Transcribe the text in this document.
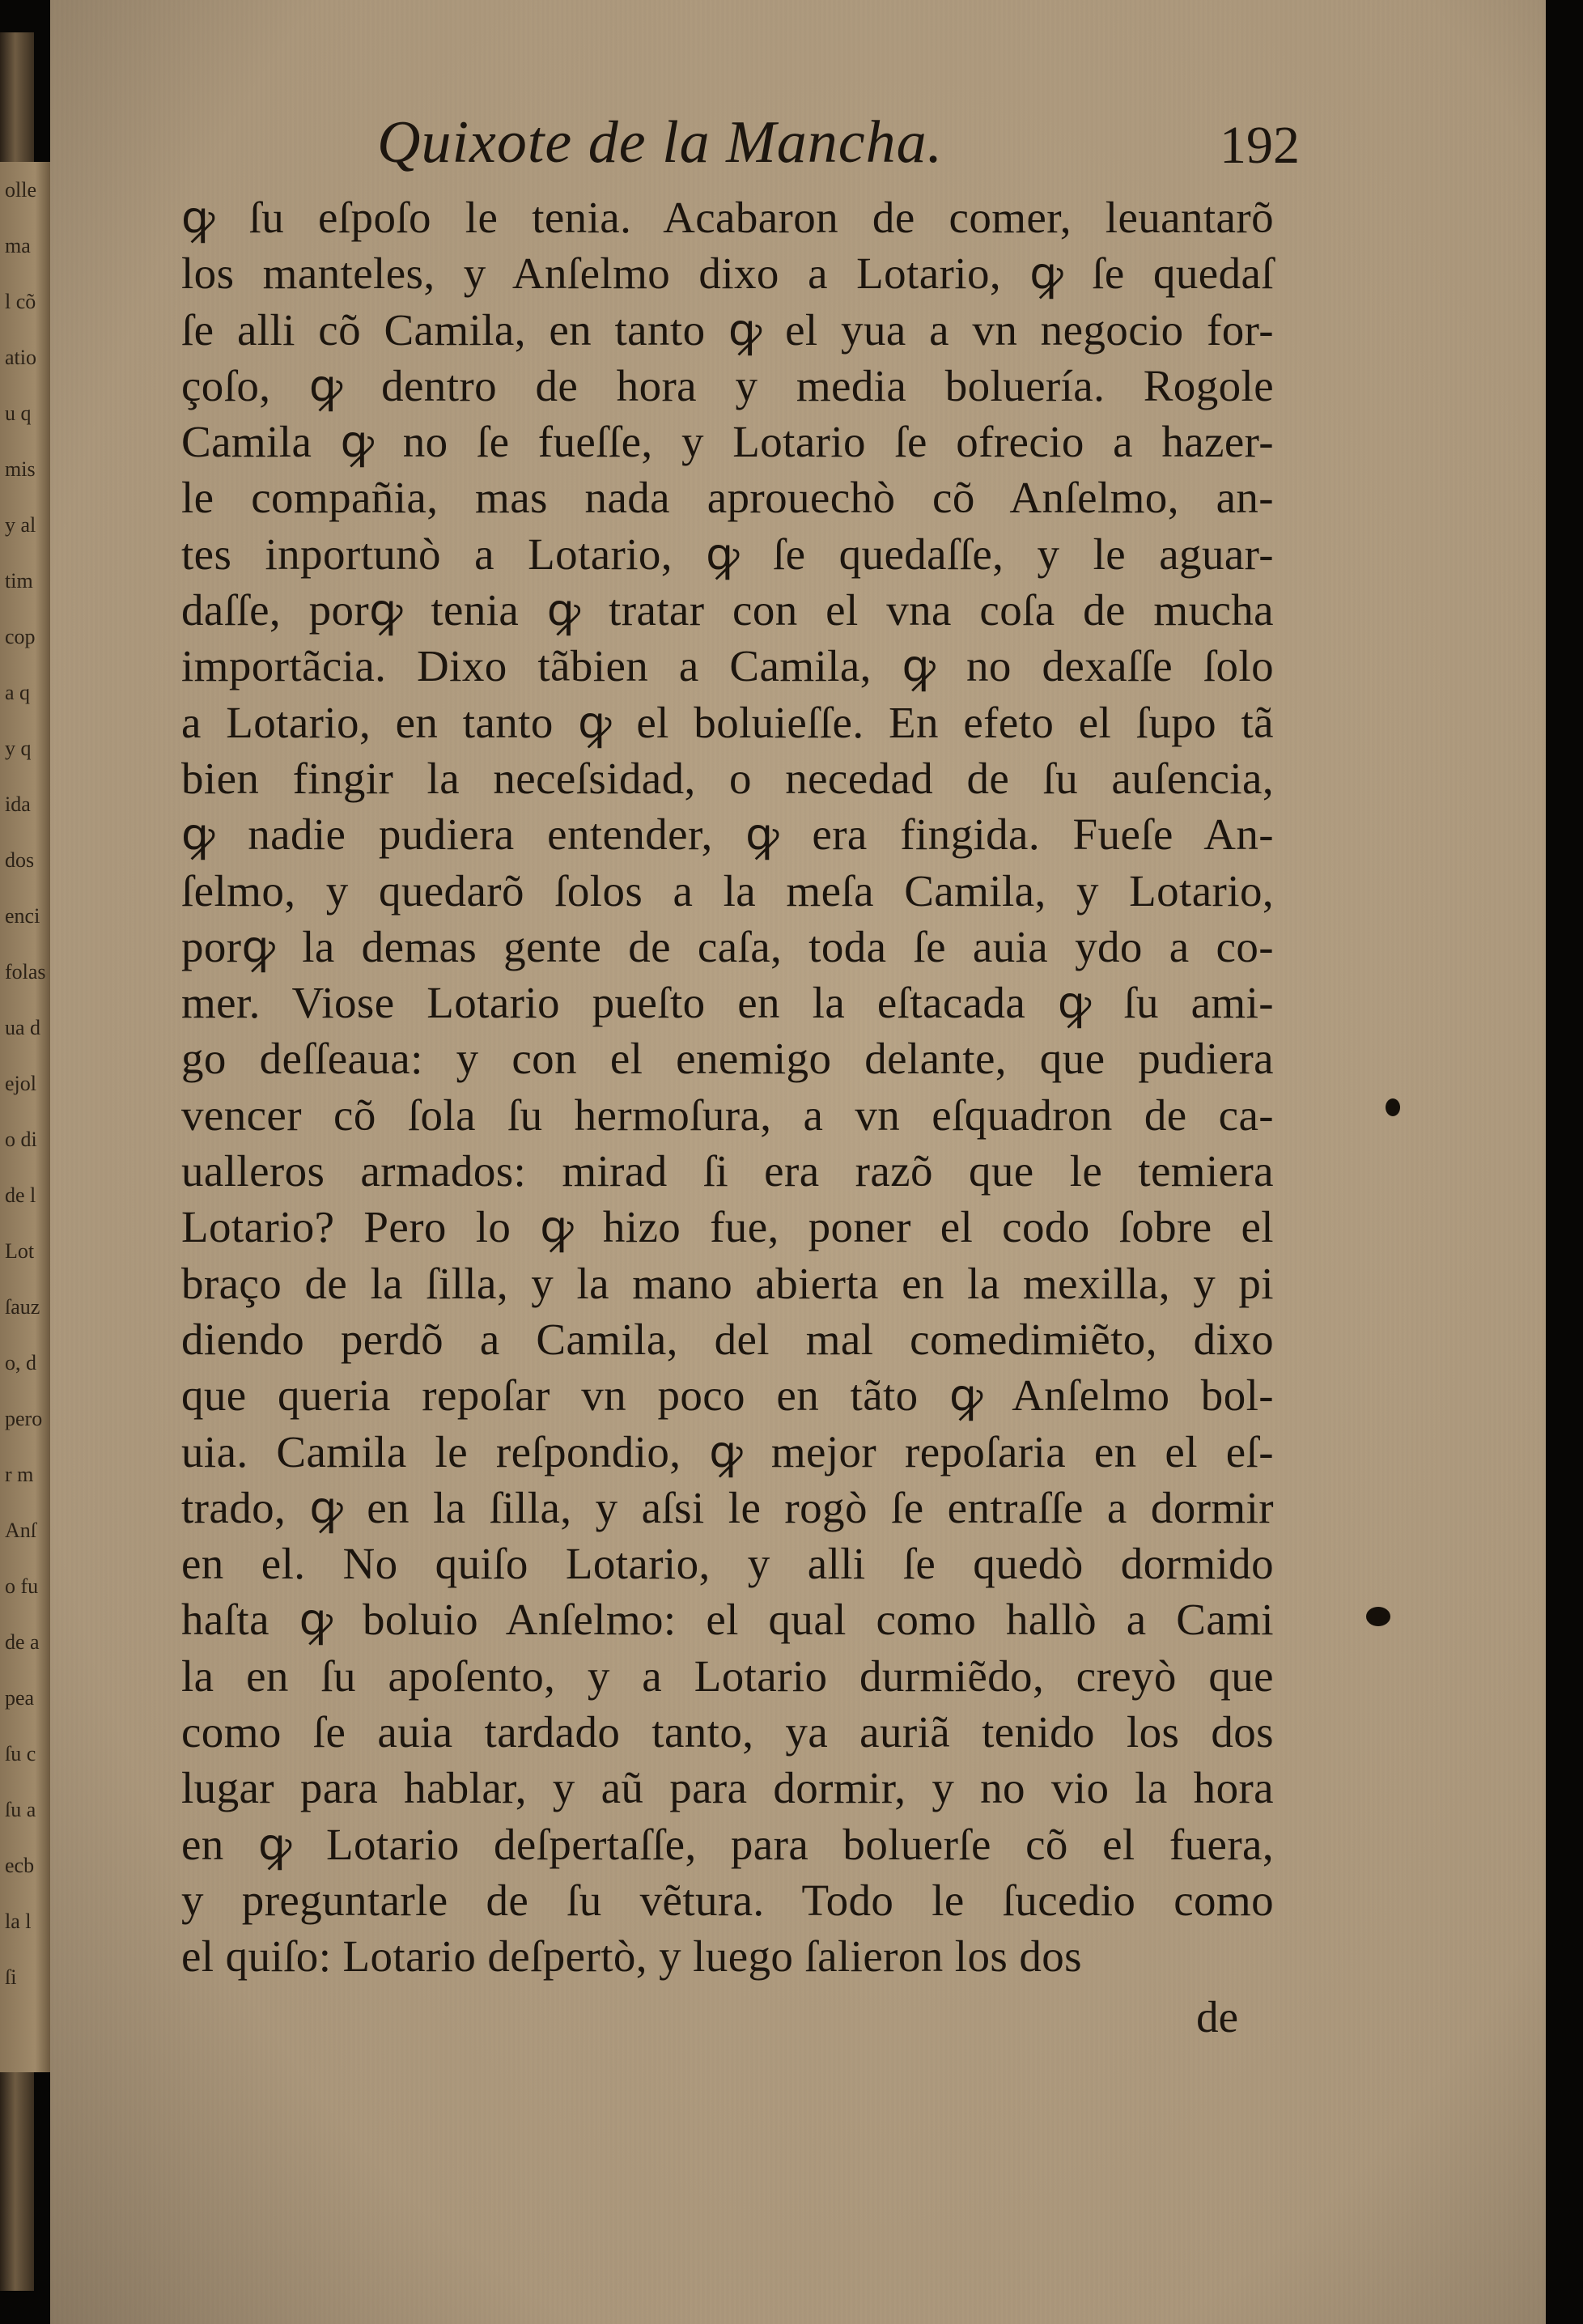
olle
ma
l cõ
atio
u q
mis
y al
tim
cop
a q
y q
ida
dos
enci
folas
ua d
ejol
o di
de l
Lot
ſauz
o, d
pero
r m
Anſ
o fu
de a
pea
ſu c
ſu a
ecb
la l
ſi
Quixote de la Mancha.	192
ꝙ ſu eſpoſo le tenia. Acabaron de comer, leuantarõ
los manteles, y Anſelmo dixo a Lotario, ꝙ ſe quedaſ
ſe alli cõ Camila, en tanto ꝙ el yua a vn negocio for-
çoſo, ꝙ dentro de hora y media boluería. Rogole
Camila ꝙ no ſe fueſſe, y Lotario ſe ofrecio a hazer-
le compañia, mas nada aprouechò cõ Anſelmo, an-
tes inportunò a Lotario, ꝙ ſe quedaſſe, y le aguar-
daſſe, porꝙ tenia ꝙ tratar con el vna coſa de mucha
importãcia. Dixo tãbien a Camila, ꝙ no dexaſſe ſolo
a Lotario, en tanto ꝙ el boluieſſe. En efeto el ſupo tã
bien fingir la neceſsidad, o necedad de ſu auſencia,
ꝙ nadie pudiera entender, ꝙ era fingida. Fueſe An-
ſelmo, y quedarõ ſolos a la meſa Camila, y Lotario,
porꝙ la demas gente de caſa, toda ſe auia ydo a co-
mer. Viose Lotario pueſto en la eſtacada ꝙ ſu ami-
go deſſeaua: y con el enemigo delante, que pudiera
vencer cõ ſola ſu hermoſura, a vn eſquadron de ca-
ualleros armados: mirad ſi era razõ que le temiera
Lotario? Pero lo ꝙ hizo fue, poner el codo ſobre el
braço de la ſilla, y la mano abierta en la mexilla, y pi
diendo perdõ a Camila, del mal comedimiẽto, dixo
que queria repoſar vn poco en tãto ꝙ Anſelmo bol-
uia. Camila le reſpondio, ꝙ mejor repoſaria en el eſ-
trado, ꝙ en la ſilla, y aſsi le rogò ſe entraſſe a dormir
en el. No quiſo Lotario, y alli ſe quedò dormido
haſta ꝙ boluio Anſelmo: el qual como hallò a Cami
la en ſu apoſento, y a Lotario durmiẽdo, creyò que
como ſe auia tardado tanto, ya auriã tenido los dos
lugar para hablar, y aũ para dormir, y no vio la hora
en ꝙ Lotario deſpertaſſe, para boluerſe cõ el fuera,
y preguntarle de ſu vẽtura. Todo le ſucedio como
el quiſo: Lotario deſpertò, y luego ſalieron los dos
de
